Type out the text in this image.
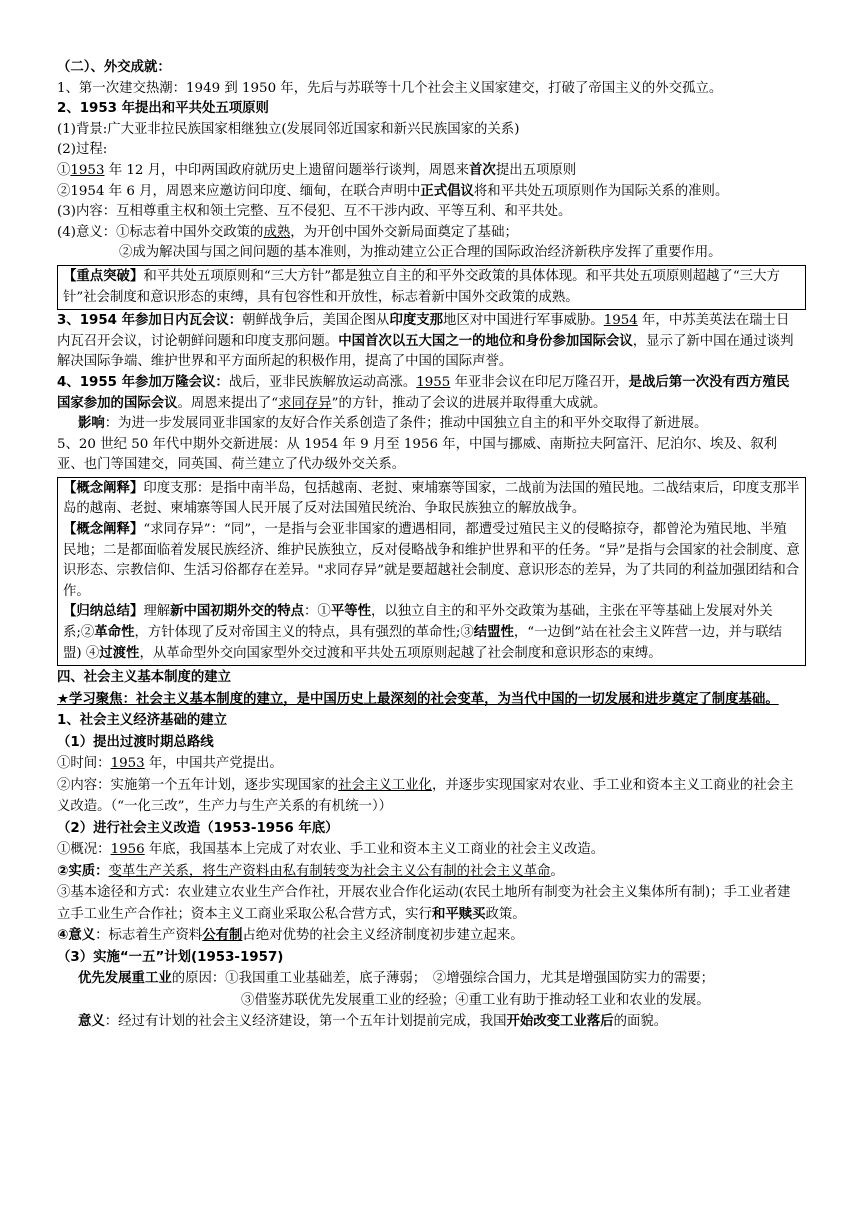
（二）、外交成就：
1、第一次建交热潮：1949 到 1950 年，先后与苏联等十几个社会主义国家建交，打破了帝国主义的外交孤立。
2、1953 年提出和平共处五项原则
(1)背景:广大亚非拉民族国家相继独立(发展同邻近国家和新兴民族国家的关系)
(2)过程:
①1953 年 12 月，中印两国政府就历史上遗留问题举行谈判，周恩来首次提出五项原则
②1954 年 6 月，周恩来应邀访问印度、缅甸，在联合声明中正式倡议将和平共处五项原则作为国际关系的准则。
(3)内容：互相尊重主权和领土完整、互不侵犯、互不干涉内政、平等互利、和平共处。
(4)意义：①标志着中国外交政策的成熟，为开创中国外交新局面奠定了基础；
②成为解决国与国之间问题的基本准则，为推动建立公正合理的国际政治经济新秩序发挥了重要作用。
【重点突破】和平共处五项原则和“三大方针”都是独立自主的和平外交政策的具体体现。和平共处五项原则超越了“三大方针”社会制度和意识形态的束缚，具有包容性和开放性，标志着新中国外交政策的成熟。
3、1954 年参加日内瓦会议：朝鲜战争后，美国企图从印度支那地区对中国进行军事威胁。1954 年，中苏美英法在瑞士日内瓦召开会议，讨论朝鲜问题和印度支那问题。中国首次以五大国之一的地位和身份参加国际会议，显示了新中国在通过谈判解决国际争端、维护世界和平方面所起的积极作用，提高了中国的国际声誉。
4、1955 年参加万隆会议：战后，亚非民族解放运动高涨。1955 年亚非会议在印尼万隆召开，是战后第一次没有西方殖民国家参加的国际会议。周恩来提出了“求同存异”的方针，推动了会议的进展并取得重大成就。
影响：为进一步发展同亚非国家的友好合作关系创造了条件；推动中国独立自主的和平外交取得了新进展。
5、20 世纪 50 年代中期外交新进展：从 1954 年 9 月至 1956 年，中国与挪威、南斯拉夫阿富汗、尼泊尔、埃及、叙利亚、也门等国建交，同英国、荷兰建立了代办级外交关系。
【概念阐释】印度支那：是指中南半岛，包括越南、老挝、柬埔寨等国家，二战前为法国的殖民地。二战结束后，印度支那半岛的越南、老挝、柬埔寨等国人民开展了反对法国殖民统治、争取民族独立的解放战争。
【概念阐释】“求同存异”：“同”，一是指与会亚非国家的遭遇相同，都遭受过殖民主义的侵略掠夺，都曾沦为殖民地、半殖民地；二是都面临着发展民族经济、维护民族独立，反对侵略战争和维护世界和平的任务。“异”是指与会国家的社会制度、意识形态、宗教信仰、生活习俗都存在差异。"求同存异”就是要超越社会制度、意识形态的差异，为了共同的利益加强团结和合作。
【归纳总结】理解新中国初期外交的特点：①平等性，以独立自主的和平外交政策为基础，主张在平等基础上发展对外关系;②革命性，方针体现了反对帝国主义的特点，具有强烈的革命性;③结盟性，“一边倒”站在社会主义阵营一边，并与联结盟) ④过渡性，从革命型外交向国家型外交过渡和平共处五项原则起越了社会制度和意识形态的束缚。
四、社会主义基本制度的建立
★学习聚焦：社会主义基本制度的建立，是中国历史上最深刻的社会变革，为当代中国的一切发展和进步奠定了制度基础。
1、社会主义经济基础的建立
（1）提出过渡时期总路线
①时间：1953 年，中国共产党提出。
②内容：实施第一个五年计划，逐步实现国家的社会主义工业化，并逐步实现国家对农业、手工业和资本主义工商业的社会主义改造。（“一化三改”，生产力与生产关系的有机统一））
（2）进行社会主义改造（1953-1956 年底）
①概况：1956 年底，我国基本上完成了对农业、手工业和资本主义工商业的社会主义改造。
②实质：变革生产关系，将生产资料由私有制转变为社会主义公有制的社会主义革命。
③基本途径和方式：农业建立农业生产合作社，开展农业合作化运动(农民土地所有制变为社会主义集体所有制)；手工业者建立手工业生产合作社；资本主义工商业采取公私合营方式，实行和平赎买政策。
④意义：标志着生产资料公有制占绝对优势的社会主义经济制度初步建立起来。
（3）实施“一五”计划(1953-1957)
优先发展重工业的原因：①我国重工业基础差，底子薄弱；　②增强综合国力，尤其是增强国防实力的需要；
③借鉴苏联优先发展重工业的经验；④重工业有助于推动轻工业和农业的发展。
意义：经过有计划的社会主义经济建设，第一个五年计划提前完成，我国开始改变工业落后的面貌。
